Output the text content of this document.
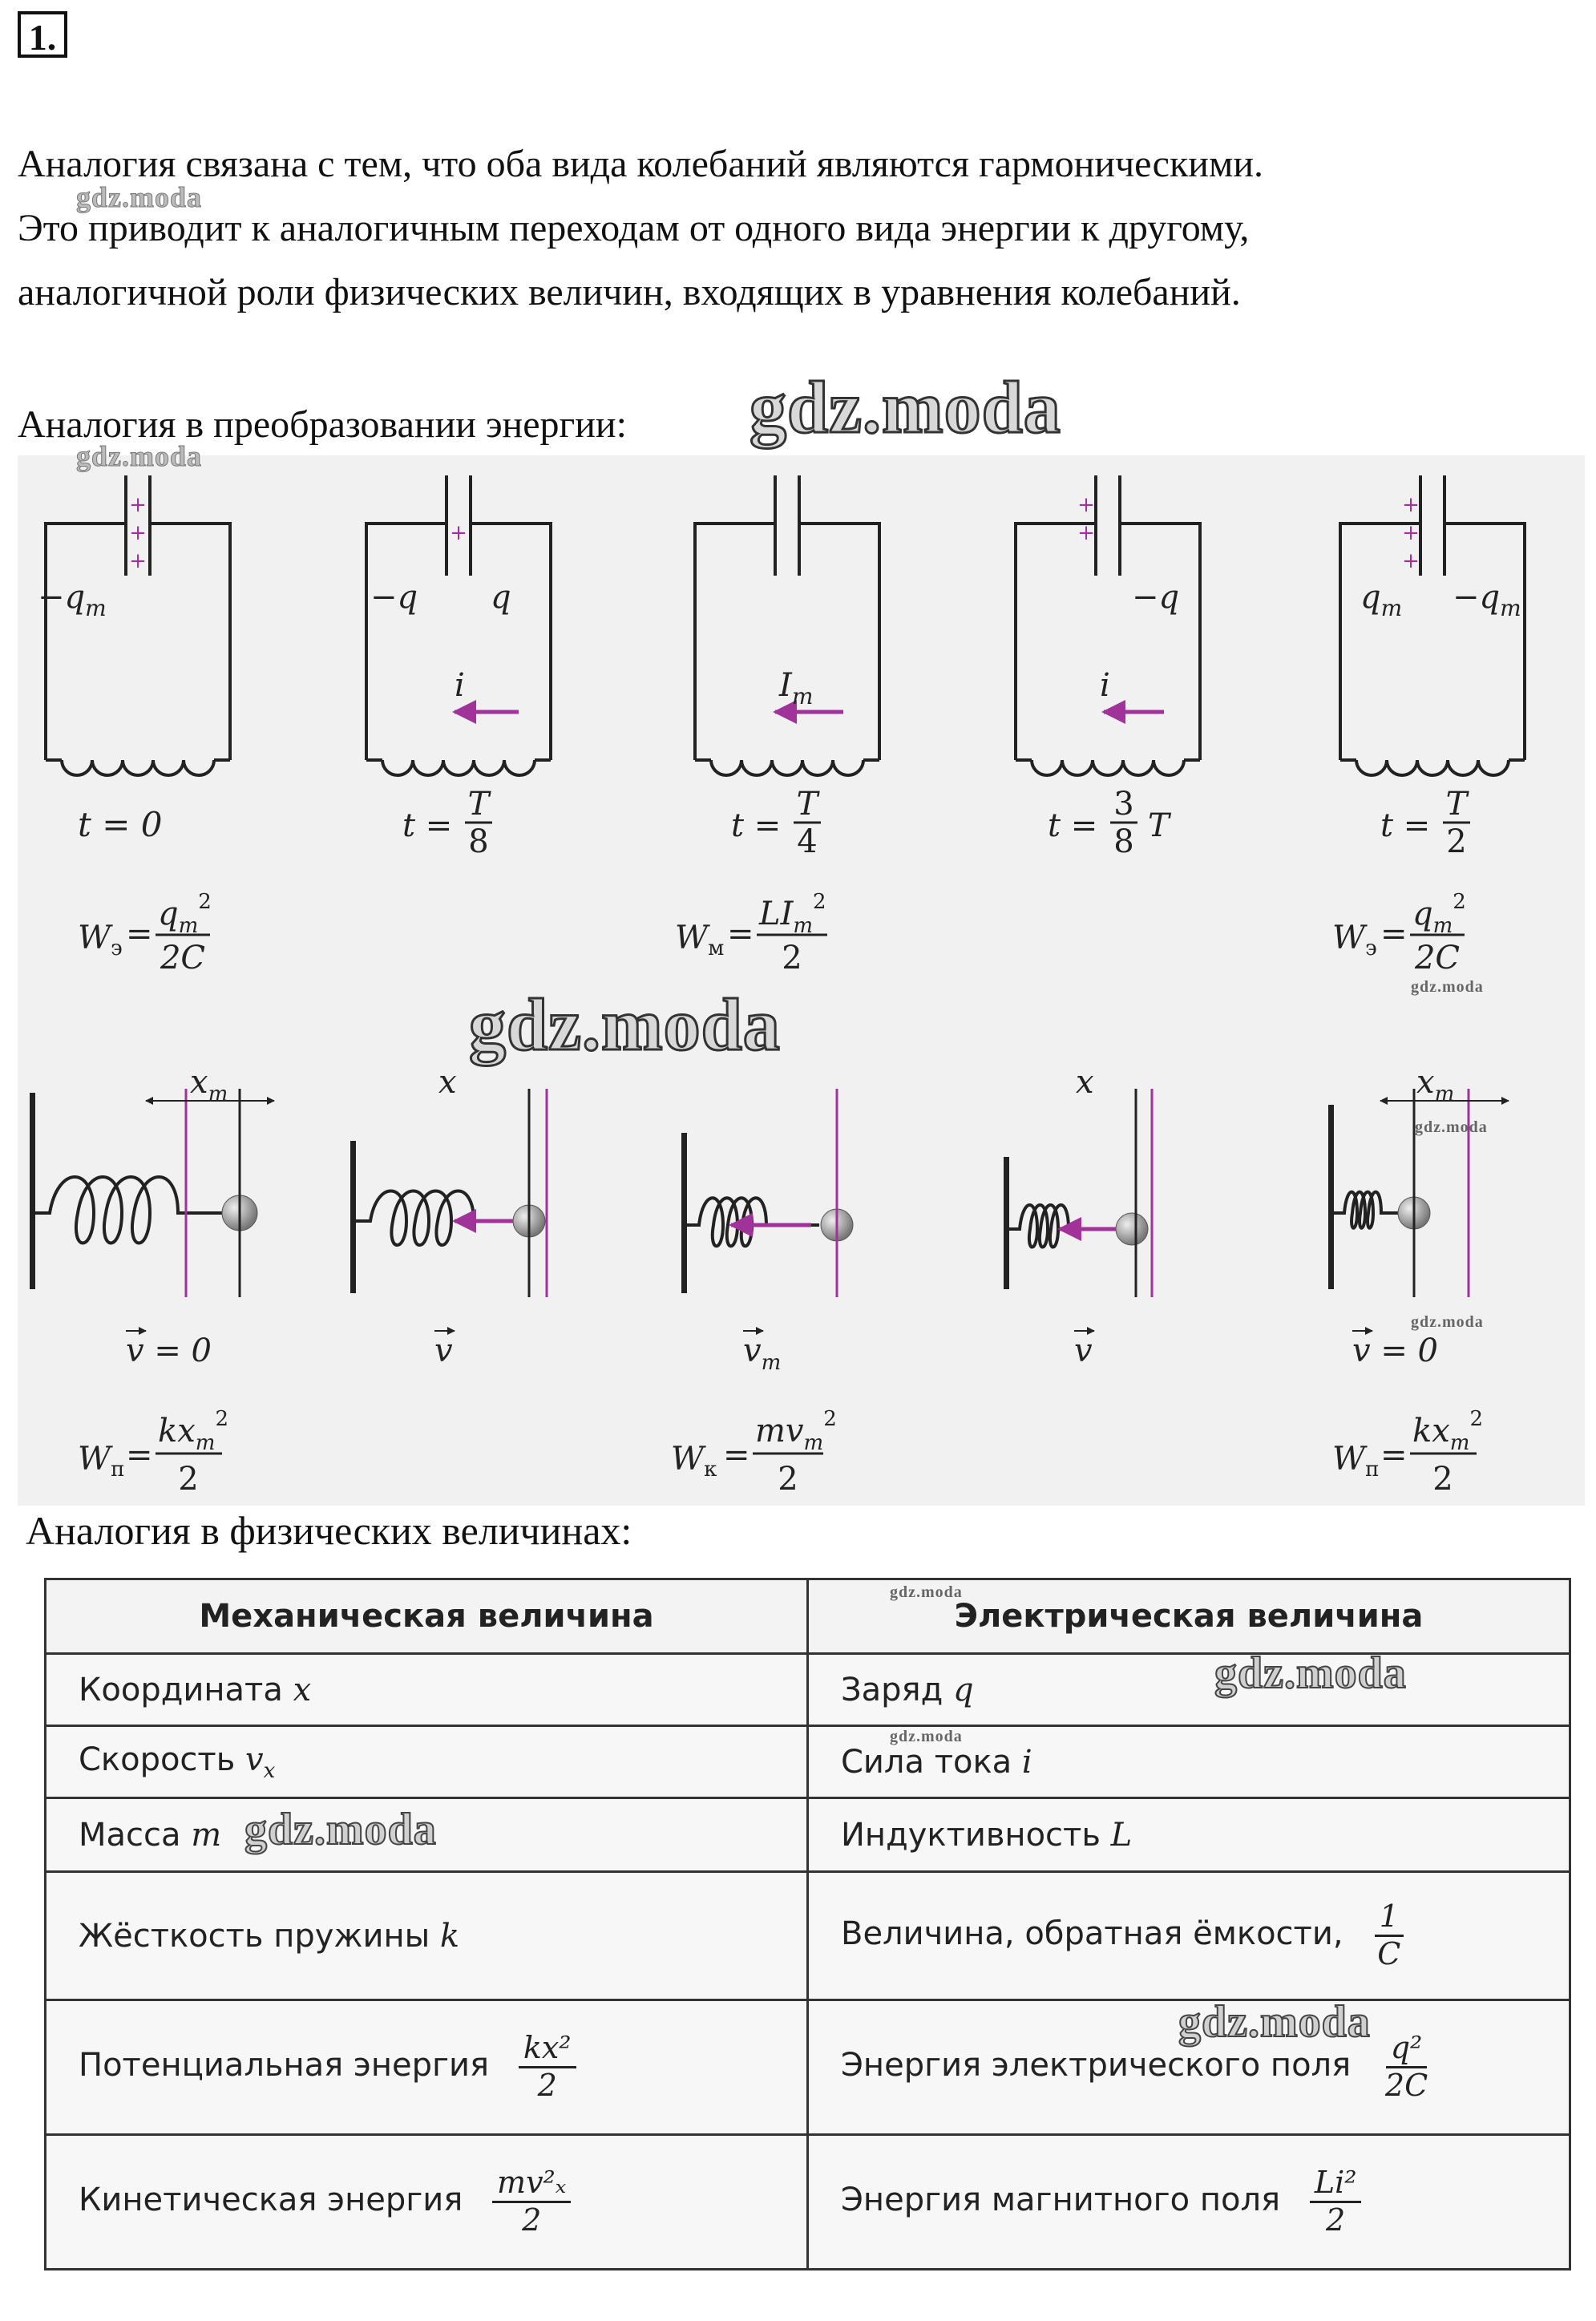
1.
Аналогия связана с тем, что оба вида колебаний являются гармоническими.
Это приводит к аналогичным переходам от одного вида энергии к другому,
аналогичной роли физических величин, входящих в уравнения колебаний.
gdz.moda
Аналогия в преобразовании энергии:
+
+
+
+	+
+
+
+
+
$-q_m$	−q q
i	$I_m$
−q
i
$q_m -q_m$
t = 0	t =
T
8	t =
T
4	t =
3
8 T	t =
T
2
$W_э$ =
$q_m^2$
2C
$W_м$ =
$LI_m^2$
2
$W_э$ =
$q_m^2$
2C
$x_m$	x	x	$x_m$
v = 0	v	$v_m$	v	v = 0
$W_п$ =
$kx_m^2$
2
$W_к$ =
$mv_m^2$
2
$W_п$ =
$kx_m^2$
2
gdz.moda
gdz.moda
gdz.moda	gdz.moda
gdz.moda
gdz.moda
Аналогия в физических величинах:
Механическая величина	Электрическая величина
Координата x	Заряд q
Скорость $v_x$	Сила тока i
Масса m	Индуктивность L
Жёсткость пружины k	Величина, обратная ёмкости, $\frac{1}{C}$

Потенциальная энергия $\frac{\text{kx²}}{2}$	Энергия электрического поля $\frac{\text{q²}}{2C}$

Кинетическая энергия $\frac{\text{mv²ₓ}}{2}$	Энергия магнитного поля $\frac{\text{Li²}}{2}$
gdz.moda
gdz.moda
gdz.moda
gdz.moda
gdz.moda
